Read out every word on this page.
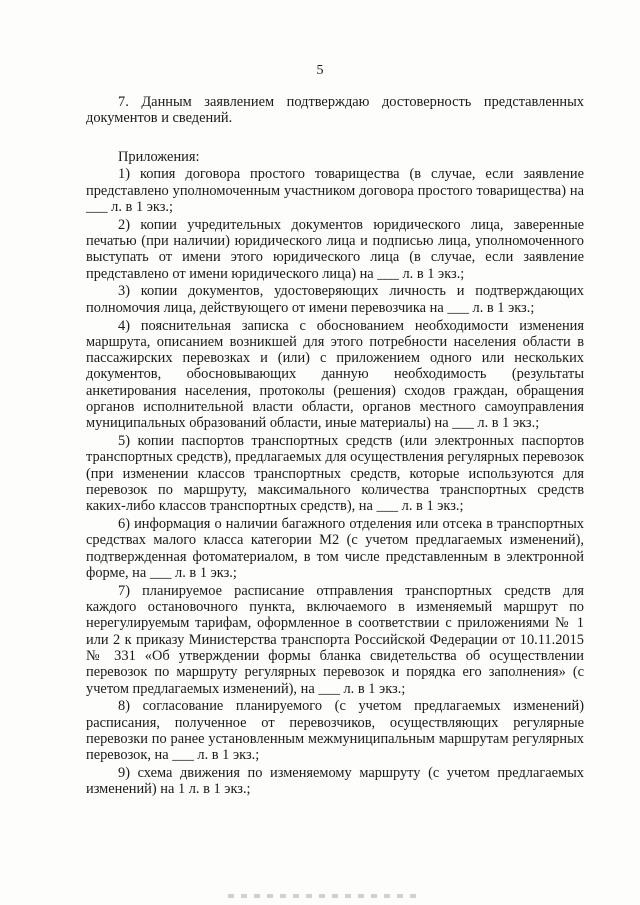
5

7. Данным заявлением подтверждаю достоверность представленных документов и сведений.

Приложения:

1) копия договора простого товарищества (в случае, если заявление представлено уполномоченным участником договора простого товарищества) на ___ л. в 1 экз.;

2) копии учредительных документов юридического лица, заверенные печатью (при наличии) юридического лица и подписью лица, уполномоченного выступать от имени этого юридического лица (в случае, если заявление представлено от имени юридического лица) на ___ л. в 1 экз.;

3) копии документов, удостоверяющих личность и подтверждающих полномочия лица, действующего от имени перевозчика на ___ л. в 1 экз.;

4) пояснительная записка с обоснованием необходимости изменения маршрута, описанием возникшей для этого потребности населения области в пассажирских перевозках и (или) с приложением одного или нескольких документов, обосновывающих данную необходимость (результаты анкетирования населения, протоколы (решения) сходов граждан, обращения органов исполнительной власти области, органов местного самоуправления муниципальных образований области, иные материалы) на ___ л. в 1 экз.;

5) копии паспортов транспортных средств (или электронных паспортов транспортных средств), предлагаемых для осуществления регулярных перевозок (при изменении классов транспортных средств, которые используются для перевозок по маршруту, максимального количества транспортных средств каких-либо классов транспортных средств), на ___ л. в 1 экз.;

6) информация о наличии багажного отделения или отсека в транспортных средствах малого класса категории М2 (с учетом предлагаемых изменений), подтвержденная фотоматериалом, в том числе представленным в электронной форме, на ___ л. в 1 экз.;

7) планируемое расписание отправления транспортных средств для каждого остановочного пункта, включаемого в изменяемый маршрут по нерегулируемым тарифам, оформленное в соответствии с приложениями № 1 или 2 к приказу Министерства транспорта Российской Федерации от 10.11.2015 № 331 «Об утверждении формы бланка свидетельства об осуществлении перевозок по маршруту регулярных перевозок и порядка его заполнения» (с учетом предлагаемых изменений), на ___ л. в 1 экз.;

8) согласование планируемого (с учетом предлагаемых изменений) расписания, полученное от перевозчиков, осуществляющих регулярные перевозки по ранее установленным межмуниципальным маршрутам регулярных перевозок, на ___ л. в 1 экз.;

9) схема движения по изменяемому маршруту (с учетом предлагаемых изменений) на 1 л. в 1 экз.;
